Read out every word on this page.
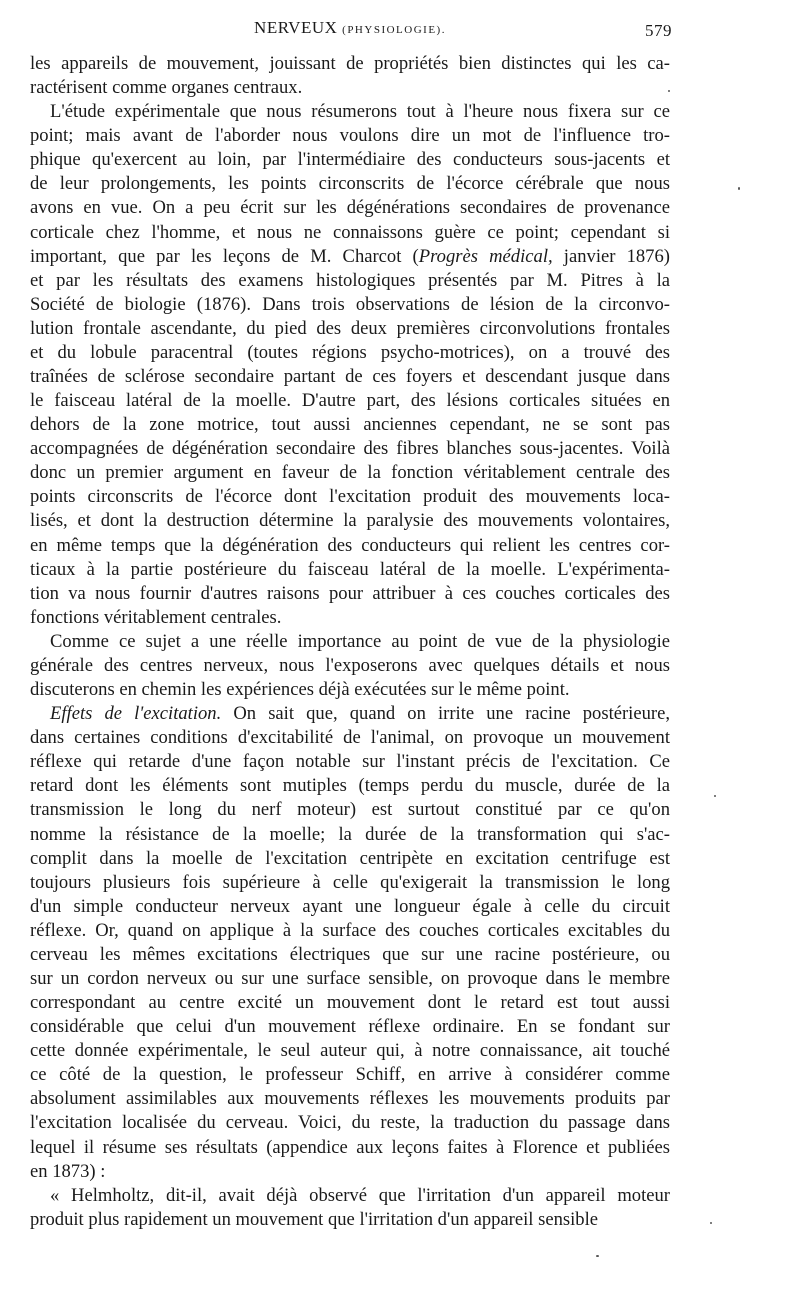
NERVEUX (PHYSIOLOGIE).	579

les appareils de mouvement, jouissant de propriétés bien distinctes qui les ca-
ractérisent comme organes centraux.

L'étude expérimentale que nous résumerons tout à l'heure nous fixera sur ce
point; mais avant de l'aborder nous voulons dire un mot de l'influence tro-
phique qu'exercent au loin, par l'intermédiaire des conducteurs sous-jacents et
de leur prolongements, les points circonscrits de l'écorce cérébrale que nous
avons en vue. On a peu écrit sur les dégénérations secondaires de provenance
corticale chez l'homme, et nous ne connaissons guère ce point; cependant si
important, que par les leçons de M. Charcot (Progrès médical, janvier 1876)
et par les résultats des examens histologiques présentés par M. Pitres à la
Société de biologie (1876). Dans trois observations de lésion de la circonvo-
lution frontale ascendante, du pied des deux premières circonvolutions frontales
et du lobule paracentral (toutes régions psycho-motrices), on a trouvé des
traînées de sclérose secondaire partant de ces foyers et descendant jusque dans
le faisceau latéral de la moelle. D'autre part, des lésions corticales situées en
dehors de la zone motrice, tout aussi anciennes cependant, ne se sont pas
accompagnées de dégénération secondaire des fibres blanches sous-jacentes. Voilà
donc un premier argument en faveur de la fonction véritablement centrale des
points circonscrits de l'écorce dont l'excitation produit des mouvements loca-
lisés, et dont la destruction détermine la paralysie des mouvements volontaires,
en même temps que la dégénération des conducteurs qui relient les centres cor-
ticaux à la partie postérieure du faisceau latéral de la moelle. L'expérimenta-
tion va nous fournir d'autres raisons pour attribuer à ces couches corticales des
fonctions véritablement centrales.

Comme ce sujet a une réelle importance au point de vue de la physiologie
générale des centres nerveux, nous l'exposerons avec quelques détails et nous
discuterons en chemin les expériences déjà exécutées sur le même point.

Effets de l'excitation. On sait que, quand on irrite une racine postérieure,
dans certaines conditions d'excitabilité de l'animal, on provoque un mouvement
réflexe qui retarde d'une façon notable sur l'instant précis de l'excitation. Ce
retard dont les éléments sont mutiples (temps perdu du muscle, durée de la
transmission le long du nerf moteur) est surtout constitué par ce qu'on
nomme la résistance de la moelle; la durée de la transformation qui s'ac-
complit dans la moelle de l'excitation centripète en excitation centrifuge est
toujours plusieurs fois supérieure à celle qu'exigerait la transmission le long
d'un simple conducteur nerveux ayant une longueur égale à celle du circuit
réflexe. Or, quand on applique à la surface des couches corticales excitables du
cerveau les mêmes excitations électriques que sur une racine postérieure, ou
sur un cordon nerveux ou sur une surface sensible, on provoque dans le membre
correspondant au centre excité un mouvement dont le retard est tout aussi
considérable que celui d'un mouvement réflexe ordinaire. En se fondant sur
cette donnée expérimentale, le seul auteur qui, à notre connaissance, ait touché
ce côté de la question, le professeur Schiff, en arrive à considérer comme
absolument assimilables aux mouvements réflexes les mouvements produits par
l'excitation localisée du cerveau. Voici, du reste, la traduction du passage dans
lequel il résume ses résultats (appendice aux leçons faites à Florence et publiées
en 1873) :

« Helmholtz, dit-il, avait déjà observé que l'irritation d'un appareil moteur
produit plus rapidement un mouvement que l'irritation d'un appareil sensible
